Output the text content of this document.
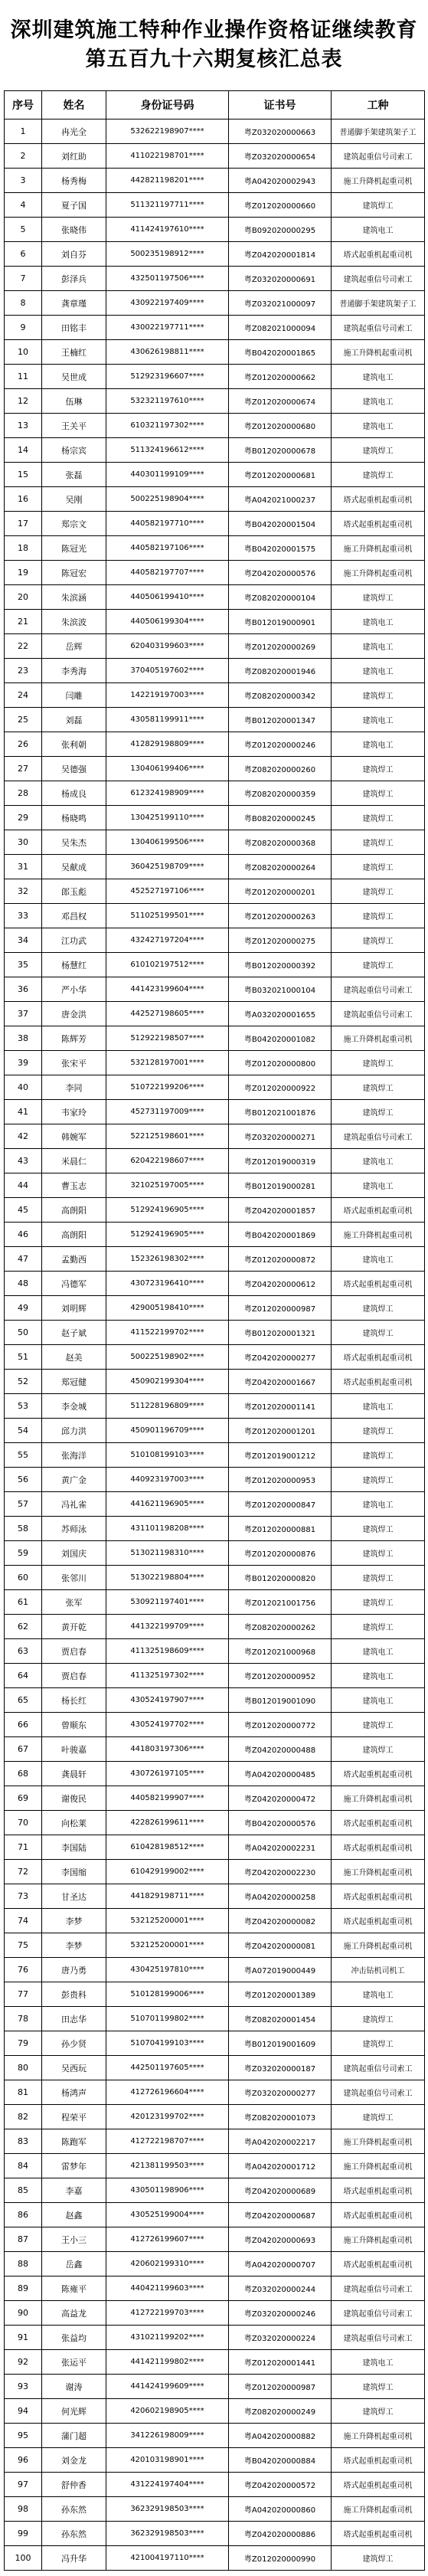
深圳建筑施工特种作业操作资格证继续教育
第五百九十六期复核汇总表
序号	姓名	身份证号码	证书号	工种
1	冉光全	532622198907****	粤Z032020000663	普通脚手架建筑架子工
2	刘红助	411022198701****	粤Z032020000654	建筑起重信号司索工
3	杨秀梅	442821198201****	粤A042020002943	施工升降机起重司机
4	夏子国	511321197711****	粤Z012020000660	建筑焊工
5	张晓伟	411424197610****	粤B092020000295	建筑电工
6	刘自芬	500235198912****	粤Z042020001814	塔式起重机起重司机
7	彭泽兵	432501197506****	粤Z032020000691	建筑起重信号司索工
8	龚章瑾	430922197409****	粤Z032021000097	普通脚手架建筑架子工
9	田铭丰	430022197711****	粤Z082021000094	建筑起重信号司索工
10	王楠红	430626198811****	粤B042020001865	施工升降机起重司机
11	吴世成	512923196607****	粤Z012020000662	建筑电工
12	伍琳	532321197610****	粤Z012020000674	建筑电工
13	王关平	610321197302****	粤Z012020000680	建筑电工
14	杨宗宾	511324196612****	粤B012020000678	建筑焊工
15	张磊	440301199109****	粤Z012020000681	建筑焊工
16	吴刚	500225198904****	粤A042021000237	塔式起重机起重司机
17	郑宗文	440582197710****	粤B042020001504	塔式起重机起重司机
18	陈冠光	440582197106****	粤B042020001575	施工升降机起重司机
19	陈冠宏	440582197707****	粤Z042020000576	施工升降机起重司机
20	朱滨涵	440506199410****	粤Z082020000104	建筑焊工
21	朱滨波	440506199304****	粤B012019000901	建筑电工
22	岳辉	620403199603****	粤Z012020000269	建筑电工
23	李秀海	370405197602****	粤Z082020001946	建筑电工
24	闫雕	142219197003****	粤Z082020000342	建筑焊工
25	刘磊	430581199911****	粤B012020001347	建筑电工
26	张利朝	412829198809****	粤Z012020000246	建筑电工
27	吴德强	130406199406****	粤Z082020000260	建筑焊工
28	杨成良	612324198909****	粤Z082020000359	建筑焊工
29	杨晓鸣	130425199110****	粤B082020000245	建筑焊工
30	吴朱杰	130406199506****	粤Z082020000368	建筑焊工
31	吴献成	360425198709****	粤Z082020000264	建筑焊工
32	郎玉彪	452527197106****	粤Z012020000201	建筑焊工
33	邓昌权	511025199501****	粤Z012020000263	建筑焊工
34	江功武	432427197204****	粤Z012020000275	建筑焊工
35	杨慧红	610102197512****	粤B012020000392	建筑焊工
36	严小华	441423199604****	粤B032021000104	建筑起重信号司索工
37	唐金洪	442527198605****	粤A032020001655	建筑起重信号司索工
38	陈辉芳	512922198507****	粤B042020001082	施工升降机起重司机
39	张宋平	532128197001****	粤Z012020000800	建筑焊工
40	李同	510722199206****	粤Z012020000922	建筑焊工
41	韦家玲	452731197009****	粤B012021001876	建筑焊工
42	韩婉军	522125198601****	粤Z032020000271	建筑起重信号司索工
43	米晨仁	620422198607****	粤Z012019000319	建筑电工
44	曹玉志	321025197005****	粤B012019000281	建筑电工
45	高朗阳	512924196905****	粤Z042020001857	塔式起重机起重司机
46	高朗阳	512924196905****	粤B042020001869	施工升降机起重司机
47	孟勤西	152326198302****	粤Z012020000872	建筑电工
48	冯德军	430723196410****	粤Z042020000612	塔式起重机起重司机
49	刘明辉	429005198410****	粤Z012020000987	建筑焊工
50	赵子斌	411522199702****	粤B012020001321	建筑焊工
51	赵美	500225198902****	粤Z042020000277	塔式起重机起重司机
52	郑冠健	450902199304****	粤Z042020001667	塔式起重机起重司机
53	李金城	511228196809****	粤Z012020001141	建筑电工
54	邱力洪	450901196709****	粤Z012020001201	建筑焊工
55	张海洋	510108199103****	粤Z012019001212	建筑焊工
56	黄广金	440923197003****	粤Z012020000953	建筑焊工
57	冯礼雀	441621196905****	粤Z012020000847	建筑电工
58	苏师泳	431101198208****	粤Z012020000881	建筑焊工
59	刘国庆	513021198310****	粤Z012020000876	建筑焊工
60	张邻川	513022198804****	粤B012020000820	建筑焊工
61	张军	530921197401****	粤Z012021001756	建筑焊工
62	黄开乾	441322199709****	粤Z082020000262	建筑焊工
63	贾启春	411325198609****	粤Z012021000968	建筑电工
64	贾启春	411325197302****	粤Z012020000952	建筑电工
65	杨长红	430524197907****	粤B012019001090	建筑电工
66	曾顺东	430524197702****	粤Z012020000772	建筑焊工
67	叶骏嘉	441803197306****	粤Z042020000488	建筑焊工
68	龚晨轩	430726197105****	粤A042020000485	塔式起重机起重司机
69	谢俊民	440582199907****	粤Z042020000472	施工升降机起重司机
70	向松莱	422826199611****	粤B042020000576	塔式起重机起重司机
71	李国陆	610428198512****	粤A042020002231	塔式起重机起重司机
72	李国缩	610429199002****	粤Z042020002230	施工升降机起重司机
73	甘圣达	441829198711****	粤A042020000258	塔式起重机起重司机
74	李梦	532125200001****	粤Z042020000082	塔式起重机起重司机
75	李梦	532125200001****	粤Z042020000081	施工升降机起重司机
76	唐乃勇	430425197810****	粤A072019000449	冲击钻机司机工
77	彭贵科	510128199006****	粤Z012020001389	建筑电工
78	田志华	510701199802****	粤Z082020001454	建筑焊工
79	孙少贤	510704199103****	粤B012019001609	建筑焊工
80	吴西玩	442501197605****	粤Z032020000187	建筑起重信号司索工
81	杨鸿声	412726196604****	粤Z032020000277	建筑起重信号司索工
82	程荣平	420123199702****	粤Z082020001073	建筑焊工
83	陈跑军	412722198707****	粤A042020002217	施工升降机起重司机
84	雷梦年	421381199503****	粤A042020001712	施工升降机起重司机
85	李嘉	430501198906****	粤Z042020000689	塔式起重机起重司机
86	赵鑫	430525199004****	粤Z042020000687	塔式起重机起重司机
87	王小三	412726199607****	粤Z042020000693	施工升降机起重司机
88	岳鑫	420602199310****	粤A042020000707	塔式起重机起重司机
89	陈雍平	440421199603****	粤Z032020000244	建筑起重信号司索工
90	高益龙	412722199703****	粤Z032020000246	建筑起重信号司索工
91	张益均	431021199202****	粤Z032020000224	建筑起重信号司索工
92	张运平	441421199802****	粤Z012020001441	建筑电工
93	谢涛	441424199609****	粤Z012020000987	建筑焊工
94	何光辉	420602198905****	粤Z082020000249	建筑焊工
95	蒲门超	341226198009****	粤A042020000882	施工升降机起重司机
96	刘金龙	420103198901****	粤B042020000884	塔式起重机起重司机
97	舒仲香	431224197404****	粤Z042020000572	塔式起重机起重司机
98	孙东然	362329198503****	粤A042020000860	施工升降机起重司机
99	孙东然	362329198503****	粤Z042020000886	塔式起重机起重司机
100	冯升华	421004197110****	粤Z012020000990	建筑焊工
